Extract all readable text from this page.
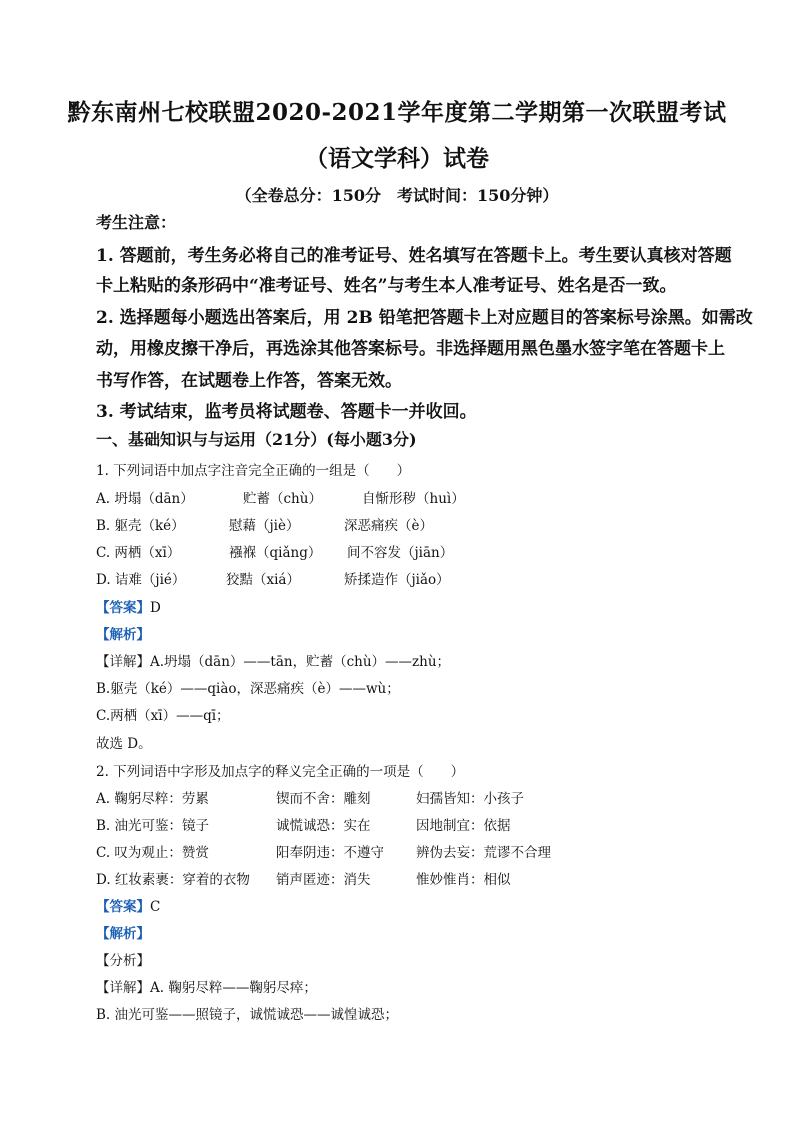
黔东南州七校联盟2020-2021学年度第二学期第一次联盟考试
（语文学科）试卷
（全卷总分：150分　考试时间：150分钟）
考生注意：
1. 答题前，考生务必将自己的准考证号、姓名填写在答题卡上。考生要认真核对答题
卡上粘贴的条形码中“准考证号、姓名”与考生本人准考证号、姓名是否一致。
2. 选择题每小题选出答案后，用 2B 铅笔把答题卡上对应题目的答案标号涂黑。如需改
动，用橡皮擦干净后，再选涂其他答案标号。非选择题用黑色墨水签字笔在答题卡上
书写作答，在试题卷上作答，答案无效。
3. 考试结束，监考员将试题卷、答题卡一并收回。
一、基础知识与与运用（21分）(每小题3分)
1. 下列词语中加点字注音完全正确的一组是（　　）
A. 坍塌（dān）	贮蓄（chù）	自惭形秽（huì）
B. 躯壳（ké）	慰藉（jiè）	深恶痛疾（è）
C. 两栖（xī）	襁褓（qiǎng） 间不容发（jiān）
D. 诘难（jié）	狡黠（xiá）	矫揉造作（jiǎo）
【答案】D
【解析】
【详解】A.坍塌（dān）——tān，贮蓄（chù）——zhù；
B.躯壳（ké）——qiào，深恶痛疾（è）——wù；
C.两栖（xī）——qī；
故选 D。
2. 下列词语中字形及加点字的释义完全正确的一项是（　　）
A. 鞠躬尽粹：劳累	锲而不舍：雕刻	妇孺皆知：小孩子
B. 油光可鉴：镜子	诚慌诚恐：实在	因地制宜：依据
C. 叹为观止：赞赏	阳奉阴违：不遵守 辨伪去妄：荒谬不合理
D. 红妆素裹：穿着的衣物 销声匿迹：消失	惟妙惟肖：相似
【答案】C
【解析】
【分析】
【详解】A. 鞠躬尽粹——鞠躬尽瘁；
B. 油光可鉴——照镜子，诚慌诚恐——诚惶诚恐；
